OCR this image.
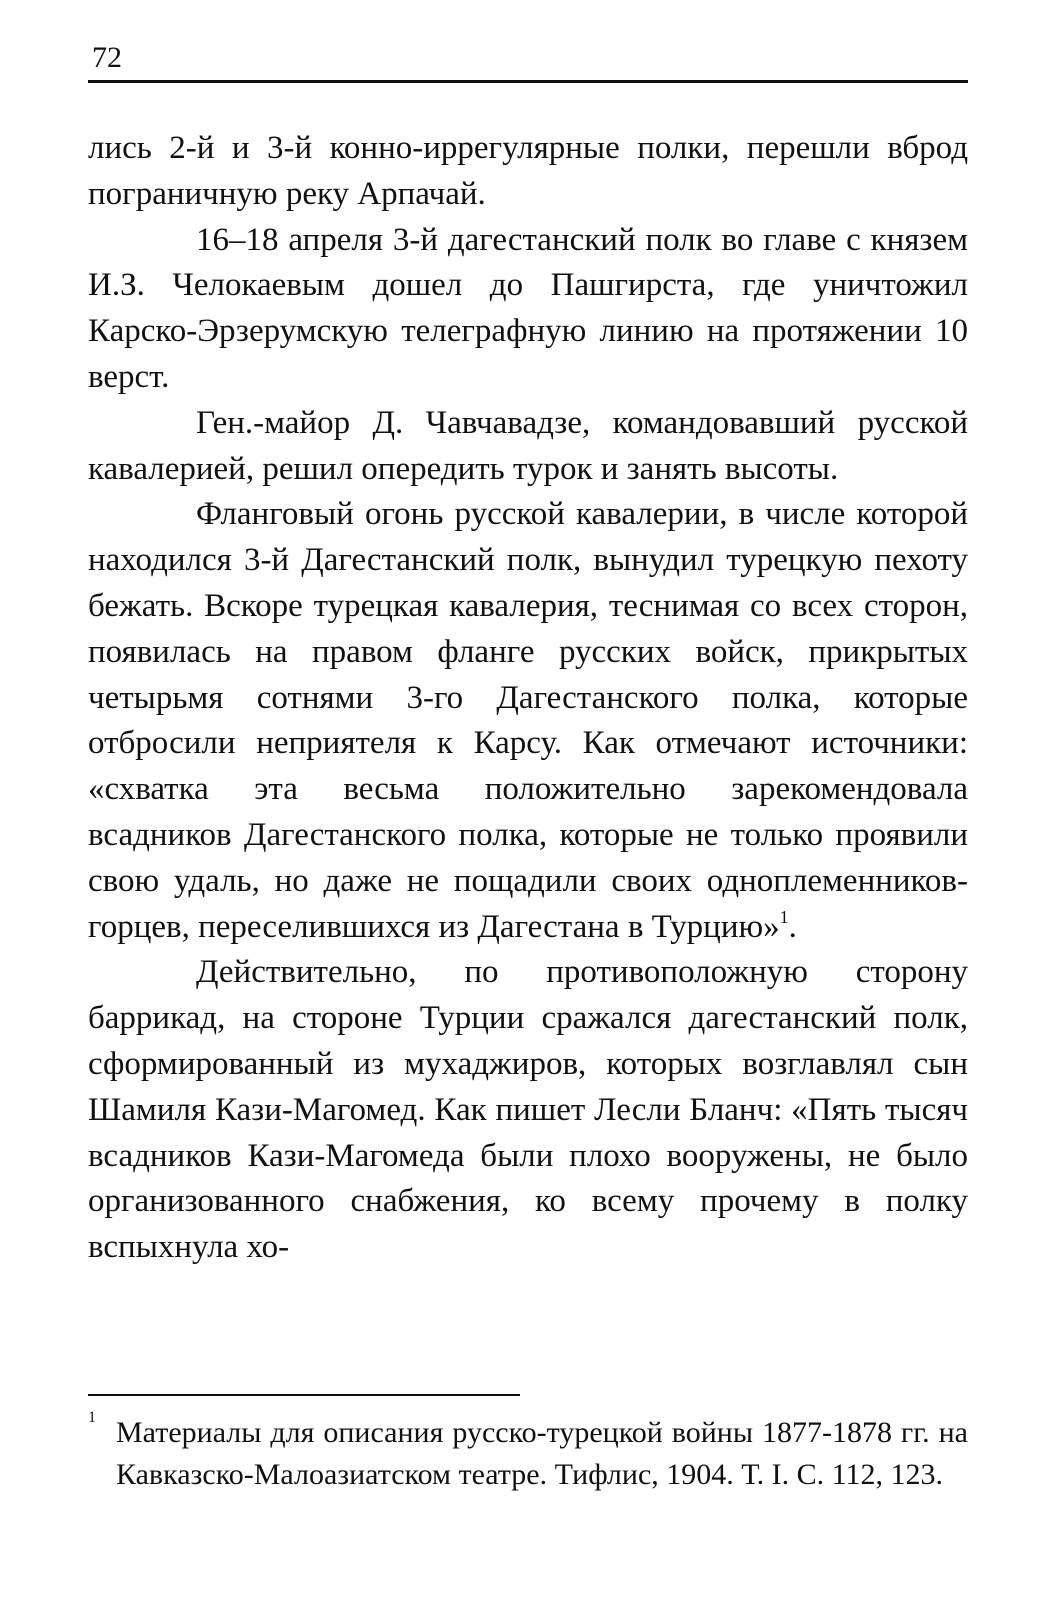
72

лись 2-й и 3-й конно-иррегулярные полки, перешли вброд пограничную реку Арпачай.

16–18 апреля 3-й дагестанский полк во главе с князем И.З. Челокаевым дошел до Пашгирста, где уничтожил Карско-Эрзерумскую телеграфную линию на протяжении 10 верст.

Ген.-майор Д. Чавчавадзе, командовавший русской кавалерией, решил опередить турок и занять высоты.

Фланговый огонь русской кавалерии, в числе которой находился 3-й Дагестанский полк, вынудил турецкую пехоту бежать. Вскоре турецкая кавалерия, теснимая со всех сторон, появилась на правом фланге русских войск, прикрытых четырьмя сотнями 3-го Дагестанского полка, которые отбросили неприятеля к Карсу. Как отмечают источники: «схватка эта весьма положительно зарекомендовала всадников Дагестанского полка, которые не только проявили свою удаль, но даже не пощадили своих одноплеменников-горцев, переселившихся из Дагестана в Турцию»$^1$.

Действительно, по противоположную сторону баррикад, на стороне Турции сражался дагестанский полк, сформированный из мухаджиров, которых возглавлял сын Шамиля Кази-Магомед. Как пишет Лесли Бланч: «Пять тысяч всадников Кази-Магомеда были плохо вооружены, не было организованного снабжения, ко всему прочему в полку вспыхнула хо-

1 Материалы для описания русско-турецкой войны 1877-1878 гг. на Кавказско-Малоазиатском театре. Тифлис, 1904. Т. I. С. 112, 123.
